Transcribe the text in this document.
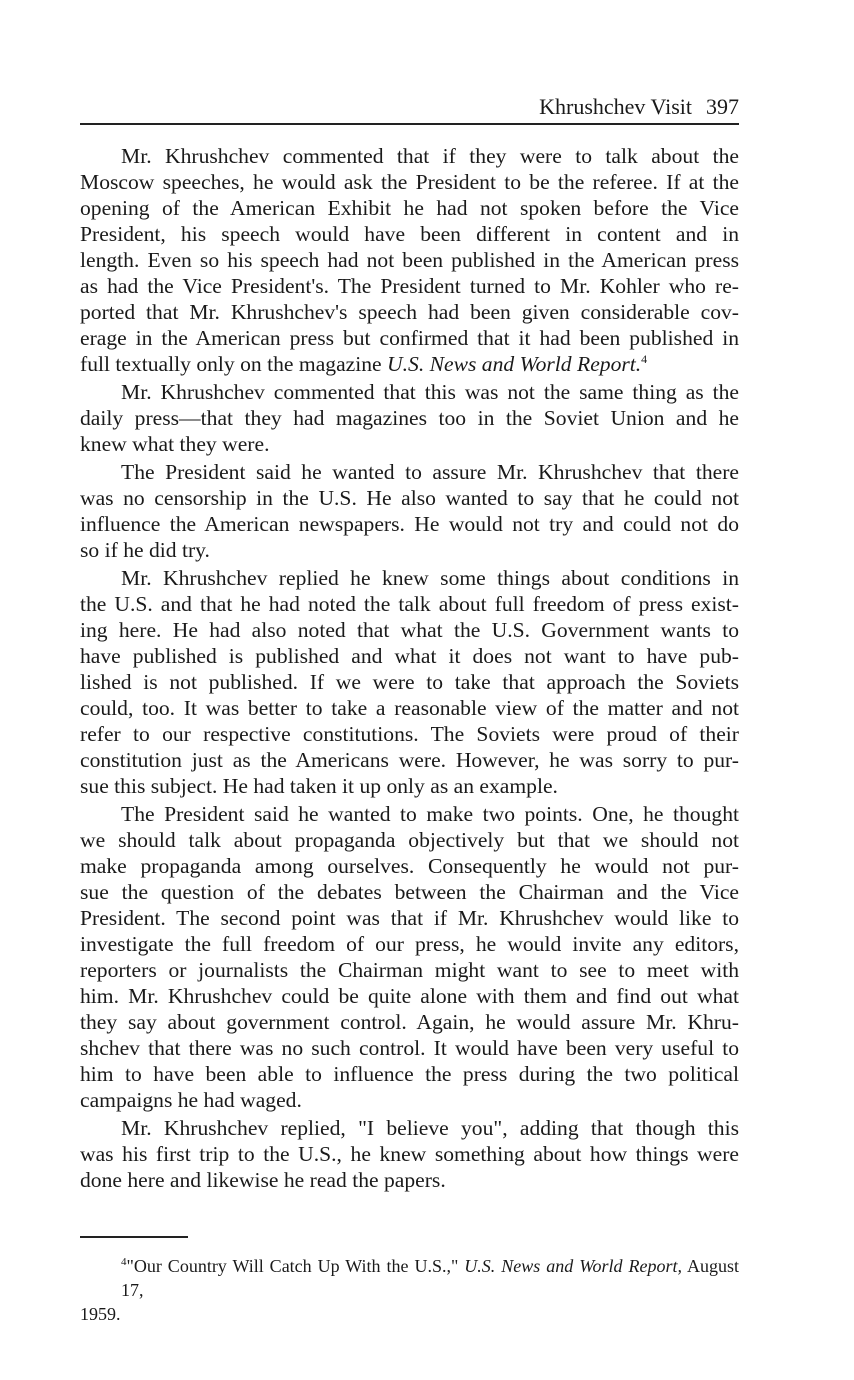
Khrushchev Visit 397

Mr. Khrushchev commented that if they were to talk about the
Moscow speeches, he would ask the President to be the referee. If at the
opening of the American Exhibit he had not spoken before the Vice
President, his speech would have been different in content and in
length. Even so his speech had not been published in the American press
as had the Vice President's. The President turned to Mr. Kohler who re-
ported that Mr. Khrushchev's speech had been given considerable cov-
erage in the American press but confirmed that it had been published in
full textually only on the magazine U.S. News and World Report.$^4$

Mr. Khrushchev commented that this was not the same thing as the
daily press—that they had magazines too in the Soviet Union and he
knew what they were.

The President said he wanted to assure Mr. Khrushchev that there
was no censorship in the U.S. He also wanted to say that he could not
influence the American newspapers. He would not try and could not do
so if he did try.

Mr. Khrushchev replied he knew some things about conditions in
the U.S. and that he had noted the talk about full freedom of press exist-
ing here. He had also noted that what the U.S. Government wants to
have published is published and what it does not want to have pub-
lished is not published. If we were to take that approach the Soviets
could, too. It was better to take a reasonable view of the matter and not
refer to our respective constitutions. The Soviets were proud of their
constitution just as the Americans were. However, he was sorry to pur-
sue this subject. He had taken it up only as an example.

The President said he wanted to make two points. One, he thought
we should talk about propaganda objectively but that we should not
make propaganda among ourselves. Consequently he would not pur-
sue the question of the debates between the Chairman and the Vice
President. The second point was that if Mr. Khrushchev would like to
investigate the full freedom of our press, he would invite any editors,
reporters or journalists the Chairman might want to see to meet with
him. Mr. Khrushchev could be quite alone with them and find out what
they say about government control. Again, he would assure Mr. Khru-
shchev that there was no such control. It would have been very useful to
him to have been able to influence the press during the two political
campaigns he had waged.

Mr. Khrushchev replied, "I believe you", adding that though this
was his first trip to the U.S., he knew something about how things were
done here and likewise he read the papers.

$^4$"Our Country Will Catch Up With the U.S.," U.S. News and World Report, August 17,
1959.
